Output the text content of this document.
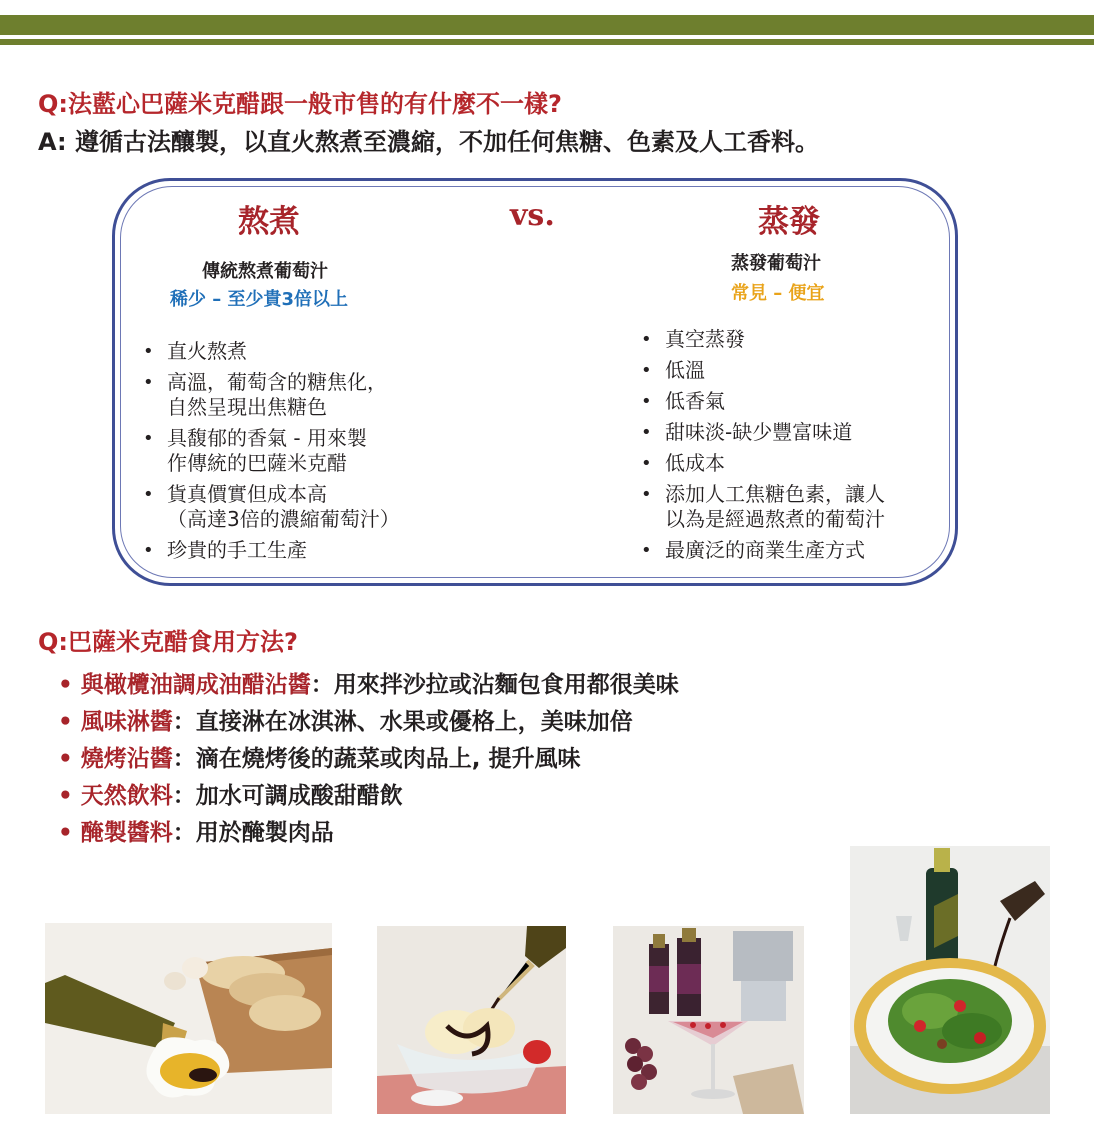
Q:法藍心巴薩米克醋跟一般市售的有什麼不一樣?
A: 遵循古法釀製，以直火熬煮至濃縮，不加任何焦糖、色素及人工香料。
熬煮	vs.	蒸發
傳統熬煮葡萄汁
稀少 – 至少貴3倍以上
蒸發葡萄汁
常見 – 便宜
• 直火熬煮
• 高溫，葡萄含的糖焦化，
自然呈現出焦糖色
• 具馥郁的香氣 - 用來製
作傳統的巴薩米克醋
• 貨真價實但成本高
（高達3倍的濃縮葡萄汁）
• 珍貴的手工生產
• 真空蒸發
• 低溫
• 低香氣
• 甜味淡-缺少豐富味道
• 低成本
• 添加人工焦糖色素，讓人
以為是經過熬煮的葡萄汁
• 最廣泛的商業生產方式
Q:巴薩米克醋食用方法?
• 與橄欖油調成油醋沾醬：用來拌沙拉或沾麵包食用都很美味
• 風味淋醬：直接淋在冰淇淋、水果或優格上，美味加倍
• 燒烤沾醬：滴在燒烤後的蔬菜或肉品上, 提升風味
• 天然飲料：加水可調成酸甜醋飲
• 醃製醬料：用於醃製肉品
